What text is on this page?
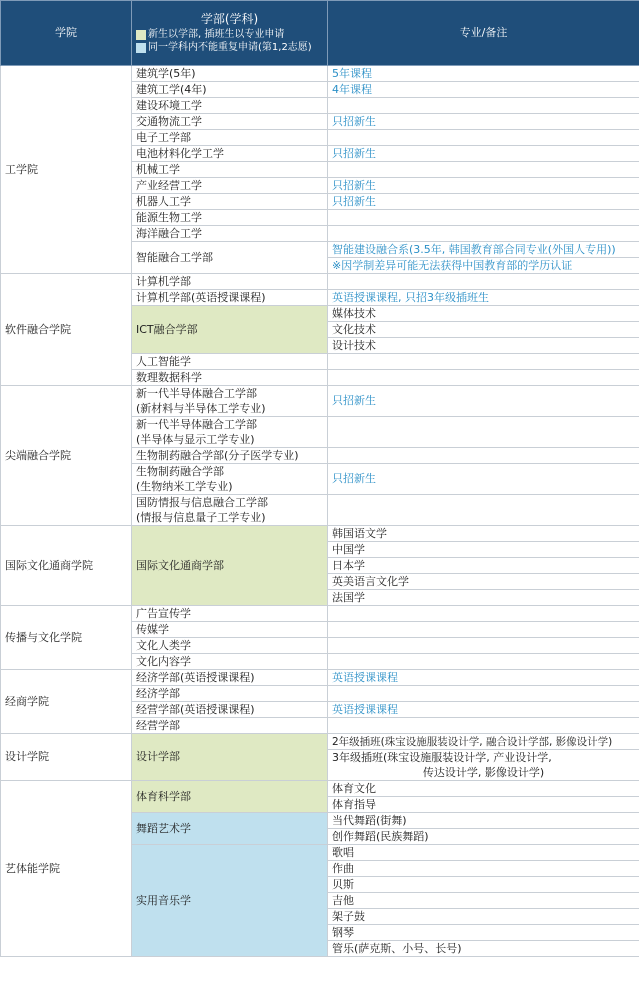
学院	学部(学科)
新生以学部, 插班生以专业申请
同一学科内不能重复申请(第1,2志愿)	专业/备注
工学院	建筑学(5年)	5年课程
	建筑工学(4年)	4年课程
	建设环境工学	
	交通物流工学	只招新生
	电子工学部	
	电池材料化学工学	只招新生
	机械工学	
	产业经营工学	只招新生
	机器人工学	只招新生
	能源生物工学	
	海洋融合工学	
	智能融合工学部	智能建设融合系(3.5年, 韩国教育部合同专业(外国人专用))
		※因学制差异可能无法获得中国教育部的学历认证
软件融合学院	计算机学部	
	计算机学部(英语授课课程)	英语授课课程, 只招3年级插班生
	ICT融合学部	媒体技术
		文化技术
		设计技术
	人工智能学	
	数理数据科学	
尖端融合学院	新一代半导体融合工学部
(新材料与半导体工学专业)	只招新生

	新一代半导体融合工学部
(半导体与显示工学专业)	

	生物制药融合学部(分子医学专业)	

	生物制药融合学部
(生物纳米工学专业)	只招新生

	国防情报与信息融合工学部
(情报与信息量子工学专业)	

国际文化通商学院	国际文化通商学部	韩国语文学
		中国学
		日本学
		英美语言文化学
		法国学
传播与文化学院	广告宣传学	
	传媒学	
	文化人类学	
	文化内容学	
经商学院	经济学部(英语授课课程)	英语授课课程
	经济学部	
	经营学部(英语授课课程)	英语授课课程
	经营学部	
设计学院	设计学部	2年级插班(珠宝设施服装设计学, 融合设计学部, 影像设计学)

		3年级插班(珠宝设施服装设计学, 产业设计学,
传达设计学, 影像设计学)

艺体能学院	体育科学部	体育文化
		体育指导
	舞蹈艺术学	当代舞蹈(街舞)
		创作舞蹈(民族舞蹈)
	实用音乐学	歌唱
		作曲
		贝斯
		吉他
		架子鼓
		钢琴
		管乐(萨克斯、小号、长号)
